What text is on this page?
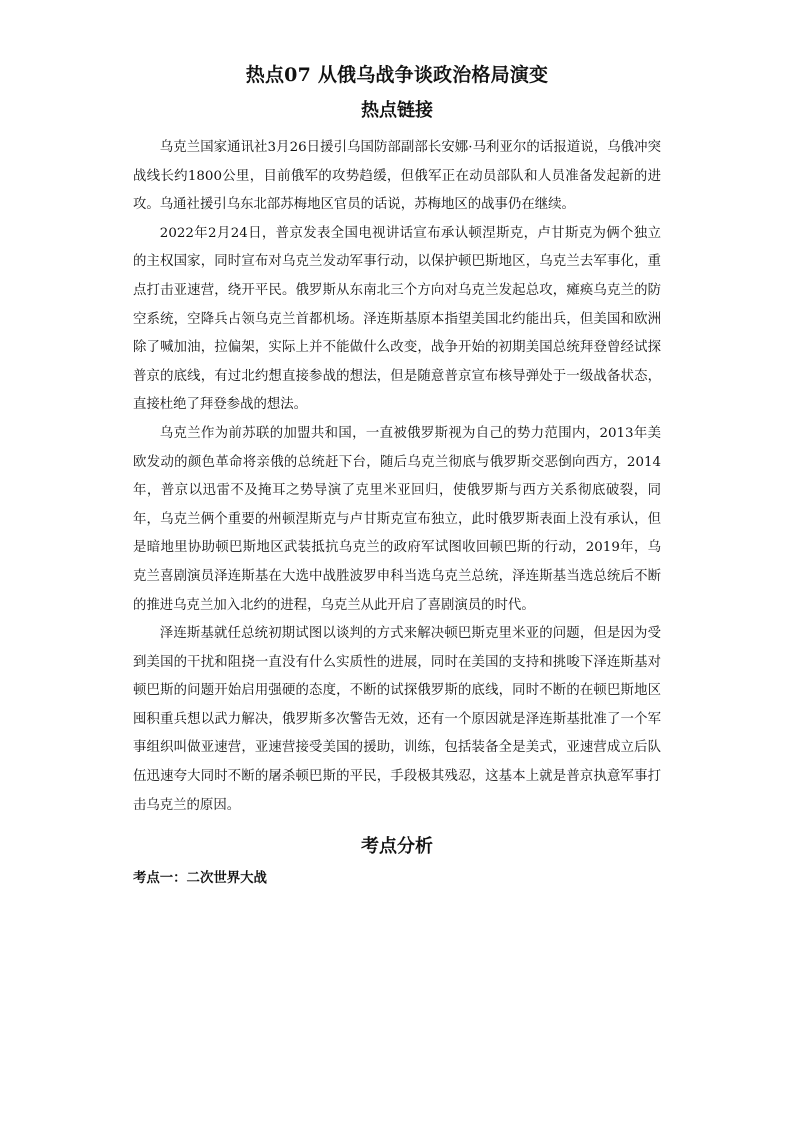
热点07 从俄乌战争谈政治格局演变
热点链接

乌克兰国家通讯社3月26日援引乌国防部副部长安娜·马利亚尔的话报道说，乌俄冲突战线长约1800公里，目前俄军的攻势趋缓，但俄军正在动员部队和人员准备发起新的进攻。乌通社援引乌东北部苏梅地区官员的话说，苏梅地区的战事仍在继续。

2022年2月24日，普京发表全国电视讲话宣布承认顿涅斯克，卢甘斯克为俩个独立的主权国家，同时宣布对乌克兰发动军事行动，以保护顿巴斯地区，乌克兰去军事化，重点打击亚速营，绕开平民。俄罗斯从东南北三个方向对乌克兰发起总攻，瘫痪乌克兰的防空系统，空降兵占领乌克兰首都机场。泽连斯基原本指望美国北约能出兵，但美国和欧洲除了喊加油，拉偏架，实际上并不能做什么改变，战争开始的初期美国总统拜登曾经试探普京的底线，有过北约想直接参战的想法，但是随意普京宣布核导弹处于一级战备状态，直接杜绝了拜登参战的想法。

乌克兰作为前苏联的加盟共和国，一直被俄罗斯视为自己的势力范围内，2013年美欧发动的颜色革命将亲俄的总统赶下台，随后乌克兰彻底与俄罗斯交恶倒向西方，2014年，普京以迅雷不及掩耳之势导演了克里米亚回归，使俄罗斯与西方关系彻底破裂，同年，乌克兰俩个重要的州顿涅斯克与卢甘斯克宣布独立，此时俄罗斯表面上没有承认，但是暗地里协助顿巴斯地区武装抵抗乌克兰的政府军试图收回顿巴斯的行动，2019年，乌克兰喜剧演员泽连斯基在大选中战胜波罗申科当选乌克兰总统，泽连斯基当选总统后不断的推进乌克兰加入北约的进程，乌克兰从此开启了喜剧演员的时代。

泽连斯基就任总统初期试图以谈判的方式来解决顿巴斯克里米亚的问题，但是因为受到美国的干扰和阻挠一直没有什么实质性的进展，同时在美国的支持和挑唆下泽连斯基对顿巴斯的问题开始启用强硬的态度，不断的试探俄罗斯的底线，同时不断的在顿巴斯地区囤积重兵想以武力解决，俄罗斯多次警告无效，还有一个原因就是泽连斯基批准了一个军事组织叫做亚速营，亚速营接受美国的援助，训练，包括装备全是美式，亚速营成立后队伍迅速夸大同时不断的屠杀顿巴斯的平民，手段极其残忍，这基本上就是普京执意军事打击乌克兰的原因。

考点分析

考点一：二次世界大战
